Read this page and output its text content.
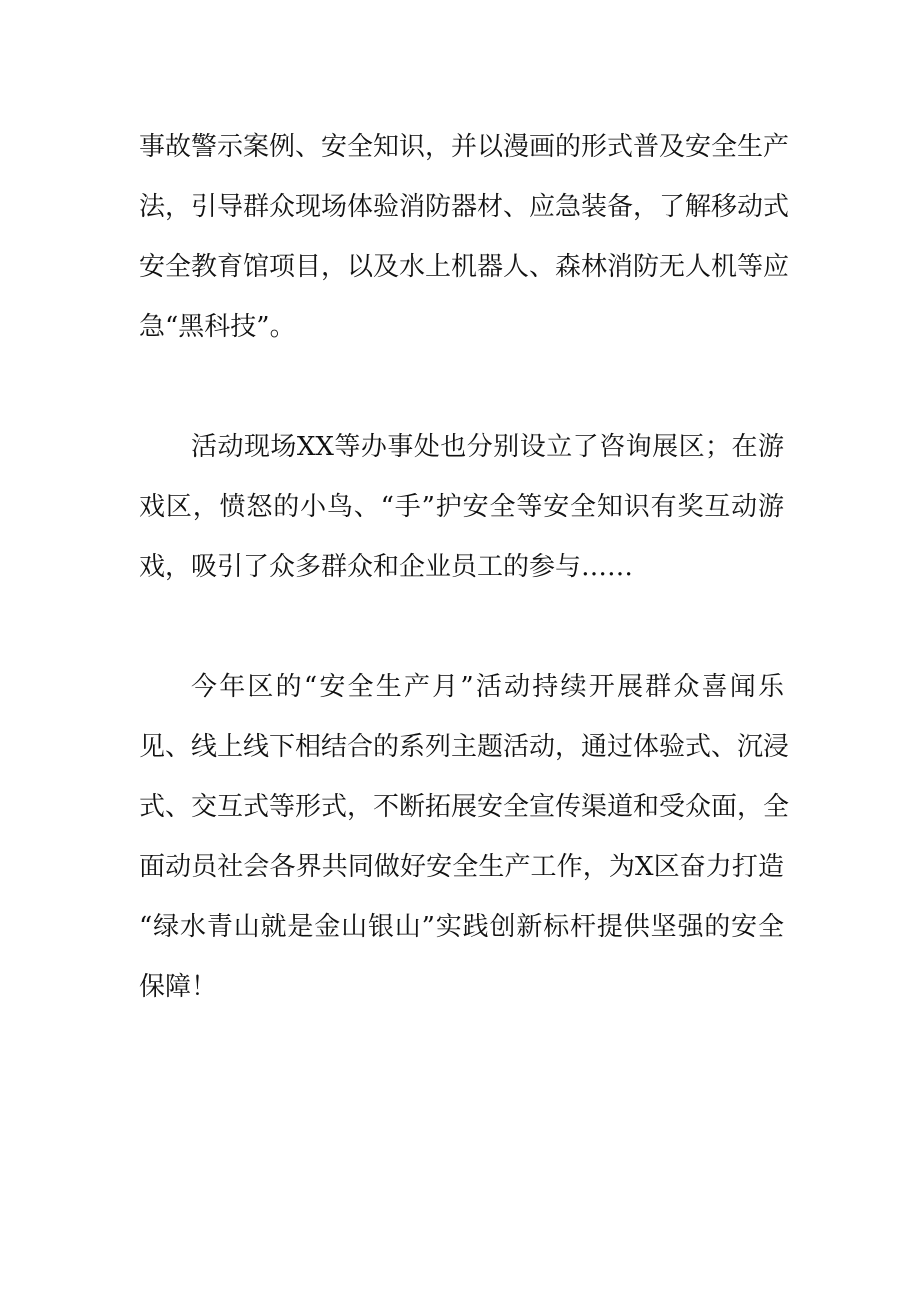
事故警示案例、安全知识，并以漫画的形式普及安全生产
法，引导群众现场体验消防器材、应急装备，了解移动式
安全教育馆项目，以及水上机器人、森林消防无人机等应
急“黑科技”。
活动现场XX等办事处也分别设立了咨询展区；在游
戏区，愤怒的小鸟、“手”护安全等安全知识有奖互动游
戏，吸引了众多群众和企业员工的参与……
今年区的“安全生产月”活动持续开展群众喜闻乐
见、线上线下相结合的系列主题活动，通过体验式、沉浸
式、交互式等形式，不断拓展安全宣传渠道和受众面，全
面动员社会各界共同做好安全生产工作，为X区奋力打造
“绿水青山就是金山银山”实践创新标杆提供坚强的安全
保障！
